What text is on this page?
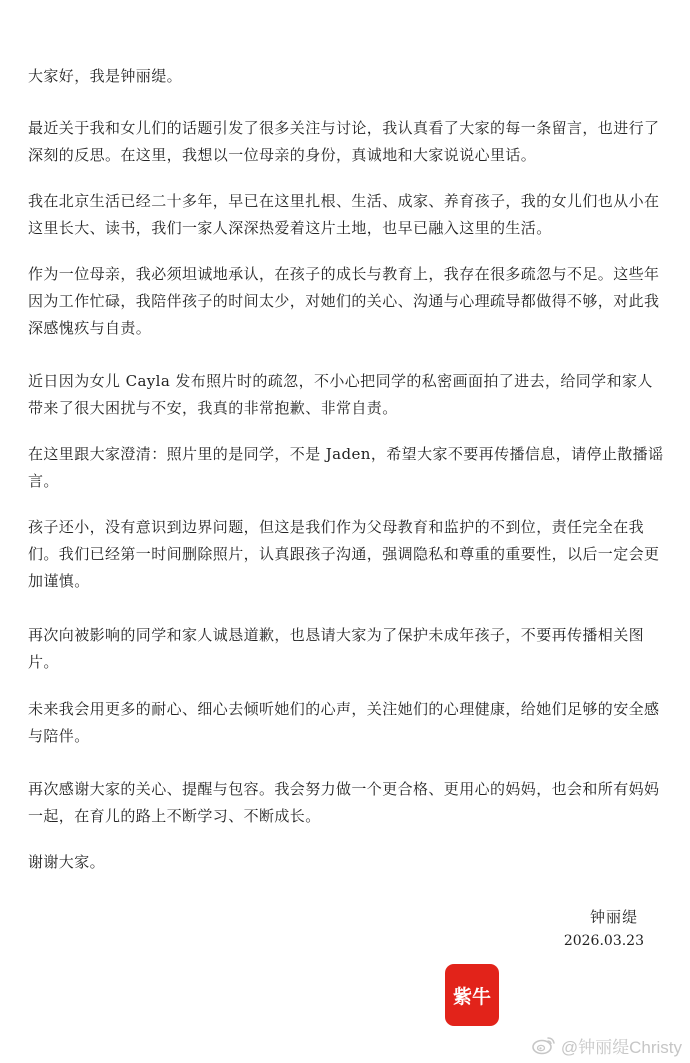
大家好，我是钟丽缇。

最近关于我和女儿们的话题引发了很多关注与讨论，我认真看了大家的每一条留言，也进行了深刻的反思。在这里，我想以一位母亲的身份，真诚地和大家说说心里话。

我在北京生活已经二十多年，早已在这里扎根、生活、成家、养育孩子，我的女儿们也从小在这里长大、读书，我们一家人深深热爱着这片土地，也早已融入这里的生活。

作为一位母亲，我必须坦诚地承认，在孩子的成长与教育上，我存在很多疏忽与不足。这些年因为工作忙碌，我陪伴孩子的时间太少，对她们的关心、沟通与心理疏导都做得不够，对此我深感愧疚与自责。

近日因为女儿 Cayla 发布照片时的疏忽，不小心把同学的私密画面拍了进去，给同学和家人带来了很大困扰与不安，我真的非常抱歉、非常自责。

在这里跟大家澄清：照片里的是同学，不是 Jaden，希望大家不要再传播信息，请停止散播谣言。

孩子还小，没有意识到边界问题，但这是我们作为父母教育和监护的不到位，责任完全在我们。我们已经第一时间删除照片，认真跟孩子沟通，强调隐私和尊重的重要性，以后一定会更加谨慎。

再次向被影响的同学和家人诚恳道歉，也恳请大家为了保护未成年孩子，不要再传播相关图片。

未来我会用更多的耐心、细心去倾听她们的心声，关注她们的心理健康，给她们足够的安全感与陪伴。

再次感谢大家的关心、提醒与包容。我会努力做一个更合格、更用心的妈妈，也会和所有妈妈一起，在育儿的路上不断学习、不断成长。

谢谢大家。

钟丽缇
2026.03.23
紫牛
@钟丽缇Christy
